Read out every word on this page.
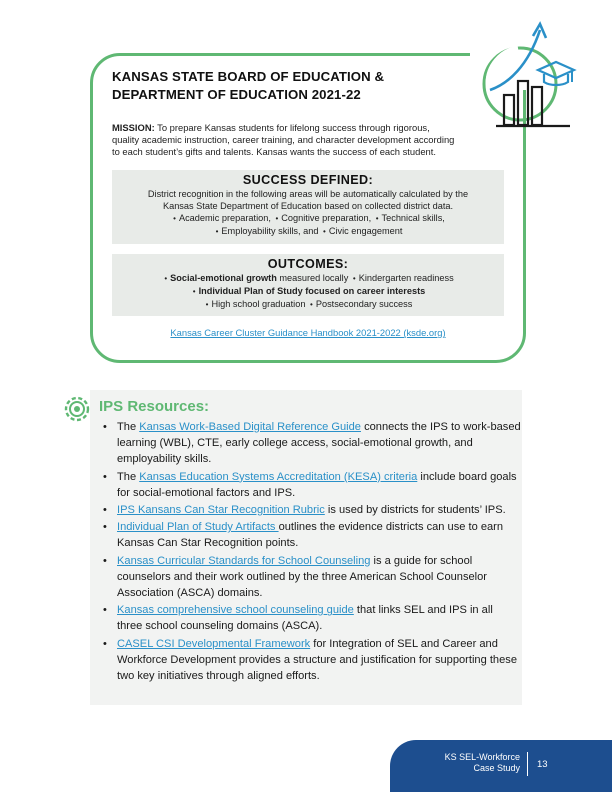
KANSAS STATE BOARD OF EDUCATION &
DEPARTMENT OF EDUCATION 2021-22
MISSION: To prepare Kansas students for lifelong success through rigorous,
quality academic instruction, career training, and character development according
to each student’s gifts and talents. Kansas wants the success of each student.
SUCCESS DEFINED:
District recognition in the following areas will be automatically calculated by the
Kansas State Department of Education based on collected district data.
• Academic preparation, • Cognitive preparation, • Technical skills,
• Employability skills, and • Civic engagement
OUTCOMES:
• Social-emotional growth measured locally • Kindergarten readiness
• Individual Plan of Study focused on career interests
• High school graduation • Postsecondary success
Kansas Career Cluster Guidance Handbook 2021-2022 (ksde.org)
IPS Resources:
• The Kansas Work-Based Digital Reference Guide connects the IPS to work-based learning (WBL), CTE, early college access, social-emotional growth, and employability skills.
• The Kansas Education Systems Accreditation (KESA) criteria include board goals for social-emotional factors and IPS.
• IPS Kansans Can Star Recognition Rubric is used by districts for students’ IPS.
• Individual Plan of Study Artifacts outlines the evidence districts can use to earn Kansas Can Star Recognition points.
• Kansas Curricular Standards for School Counseling is a guide for school counselors and their work outlined by the three American School Counselor Association (ASCA) domains.
• Kansas comprehensive school counseling guide that links SEL and IPS in all three school counseling domains (ASCA).
• CASEL CSI Developmental Framework for Integration of SEL and Career and Workforce Development provides a structure and justification for supporting these two key initiatives through aligned efforts.
KS SEL-Workforce
Case Study 13
